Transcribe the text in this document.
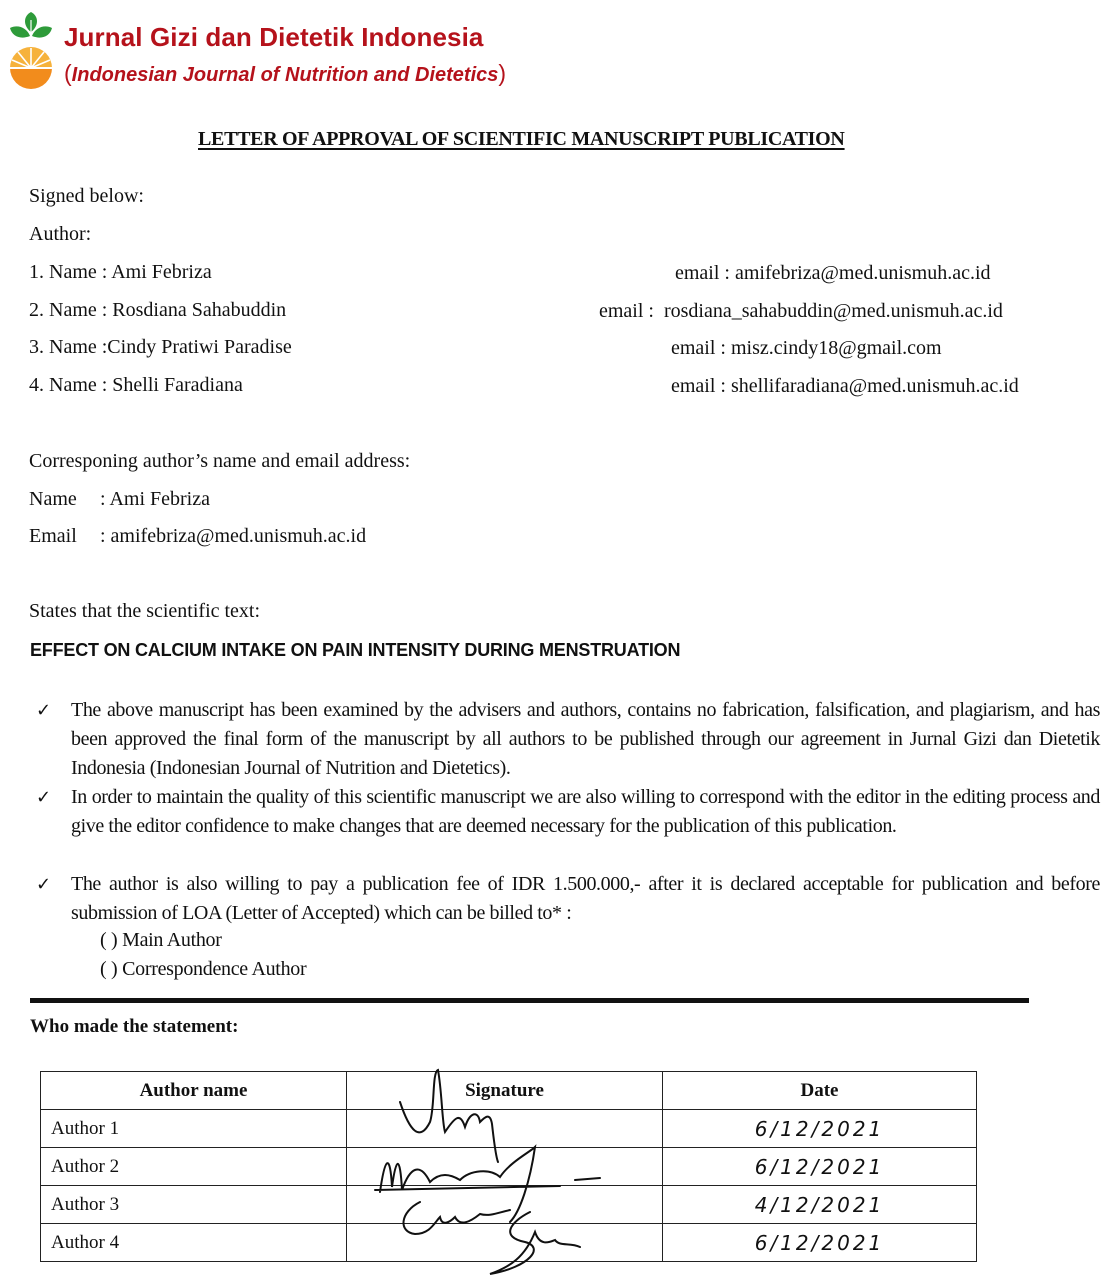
Jurnal Gizi dan Dietetik Indonesia
(Indonesian Journal of Nutrition and Dietetics)
LETTER OF APPROVAL OF SCIENTIFIC MANUSCRIPT PUBLICATION
Signed below:
Author:
1. Name : Ami Febriza	email : amifebriza@med.unismuh.ac.id
2. Name : Rosdiana Sahabuddin	email :  rosdiana_sahabuddin@med.unismuh.ac.id
3. Name :Cindy Pratiwi Paradise	email : misz.cindy18@gmail.com
4. Name : Shelli Faradiana	email : shellifaradiana@med.unismuh.ac.id
Corresponing author’s name and email address:
Name : Ami Febriza
Email : amifebriza@med.unismuh.ac.id
States that the scientific text:
EFFECT ON CALCIUM INTAKE ON PAIN INTENSITY DURING MENSTRUATION
✓ The above manuscript has been examined by the advisers and authors, contains no fabrication, falsification, and plagiarism, and has been approved the final form of the manuscript by all authors to be published through our agreement in Jurnal Gizi dan Dietetik Indonesia (Indonesian Journal of Nutrition and Dietetics).
✓ In order to maintain the quality of this scientific manuscript we are also willing to correspond with the editor in the editing process and give the editor confidence to make changes that are deemed necessary for the publication of this publication.
✓ The author is also willing to pay a publication fee of IDR 1.500.000,- after it is declared acceptable for publication and before submission of LOA (Letter of Accepted) which can be billed to* :
( ) Main Author
( ) Correspondence Author
Who made the statement:
Author name	Signature	Date
Author 1		6/12/2021

Author 2		6/12/2021

Author 3		4/12/2021

Author 4		6/12/2021
